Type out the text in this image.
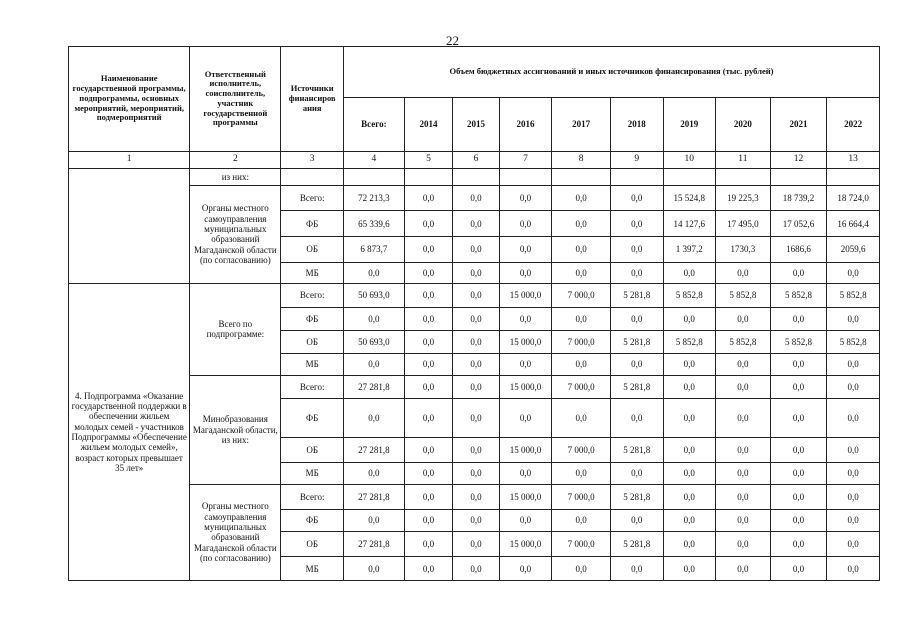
22
Наименование государственной программы, подпрограммы, основных мероприятий, мероприятий, подмероприятий	Ответственный исполнитель, соисполнитель, участник государственной программы	Источники финансиров ания	Объем бюджетных ассигнований и иных источников финансирования (тыс. рублей)									
			Всего:	2014	2015	2016	2017	2018	2019	2020	2021	2022
1	2	3	4	5	6	7	8	9	10	11	12	13
	из них:											
	Органы местного самоуправления муниципальных образований Магаданской области (по согласованию)	Всего:	72 213,3	0,0	0,0	0,0	0,0	0,0	15 524,8	19 225,3	18 739,2	18 724,0
		ФБ	65 339,6	0,0	0,0	0,0	0,0	0,0	14 127,6	17 495,0	17 052,6	16 664,4
		ОБ	6 873,7	0,0	0,0	0,0	0,0	0,0	1 397,2	1730,3	1686,6	2059,6
		МБ	0,0	0,0	0,0	0,0	0,0	0,0	0,0	0,0	0,0	0,0
4. Подпрограмма «Оказание государственной поддержки в обеспечении жильем молодых семей - участников Подпрограммы «Обеспечение жильем молодых семей», возраст которых превышает 35 лет»	Всего по подпрограмме:	Всего:	50 693,0	0,0	0,0	15 000,0	7 000,0	5 281,8	5 852,8	5 852,8	5 852,8	5 852,8
		ФБ	0,0	0,0	0,0	0,0	0,0	0,0	0,0	0,0	0,0	0,0
		ОБ	50 693,0	0,0	0,0	15 000,0	7 000,0	5 281,8	5 852,8	5 852,8	5 852,8	5 852,8
		МБ	0,0	0,0	0,0	0,0	0,0	0,0	0,0	0,0	0,0	0,0
	Минобразования Магаданской области, из них:	Всего:	27 281,8	0,0	0,0	15 000,0	7 000,0	5 281,8	0,0	0,0	0,0	0,0
		ФБ	0,0	0,0	0,0	0,0	0,0	0,0	0,0	0,0	0,0	0,0
		ОБ	27 281,8	0,0	0,0	15 000,0	7 000,0	5 281,8	0,0	0,0	0,0	0,0
		МБ	0,0	0,0	0,0	0,0	0,0	0,0	0,0	0,0	0,0	0,0
	Органы местного самоуправления муниципальных образований Магаданской области (по согласованию)	Всего:	27 281,8	0,0	0,0	15 000,0	7 000,0	5 281,8	0,0	0,0	0,0	0,0
		ФБ	0,0	0,0	0,0	0,0	0,0	0,0	0,0	0,0	0,0	0,0
		ОБ	27 281,8	0,0	0,0	15 000,0	7 000,0	5 281,8	0,0	0,0	0,0	0,0
		МБ	0,0	0,0	0,0	0,0	0,0	0,0	0,0	0,0	0,0	0,0
